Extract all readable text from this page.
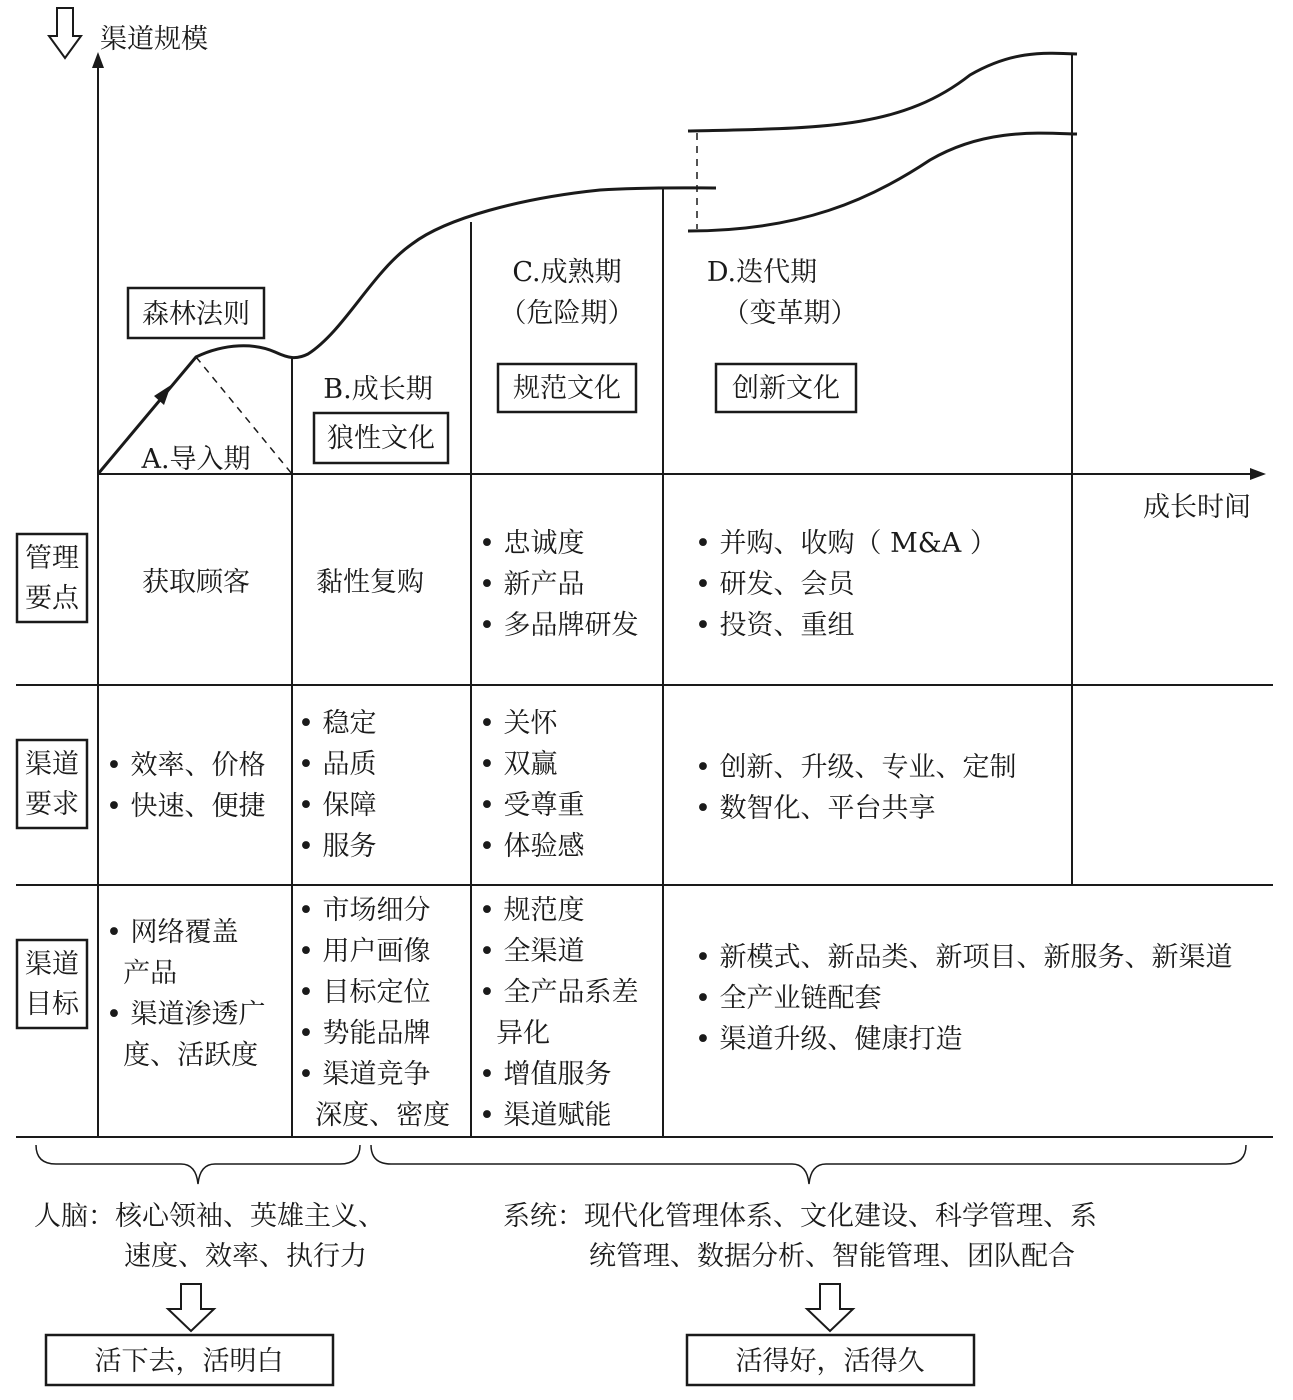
渠道规模
成长时间
森林法则
A.导入期
B.成长期
狼性文化
C.成熟期
（危险期）
规范文化
D.迭代期
（变革期）
创新文化
管理
要点
渠道
要求
渠道
目标
获取顾客 黏性复购
• 忠诚度• 新产品• 多品牌研发
• 并购、收购（ M&A ）• 研发、会员• 投资、重组
• 效率、价格• 快速、便捷
• 稳定• 品质• 保障• 服务
• 关怀• 双赢• 受尊重• 体验感
• 创新、升级、专业、定制• 数智化、平台共享
• 网络覆盖  产品• 渠道渗透广  度、活跃度
• 市场细分• 用户画像• 目标定位• 势能品牌• 渠道竞争  深度、密度
• 规范度• 全渠道• 全产品系差  异化• 增值服务• 渠道赋能
• 新模式、新品类、新项目、新服务、新渠道• 全产业链配套• 渠道升级、健康打造
人脑：核心领袖、英雄主义、
速度、效率、执行力
活下去，活明白
系统：现代化管理体系、文化建设、科学管理、系
统管理、数据分析、智能管理、团队配合
活得好，活得久
